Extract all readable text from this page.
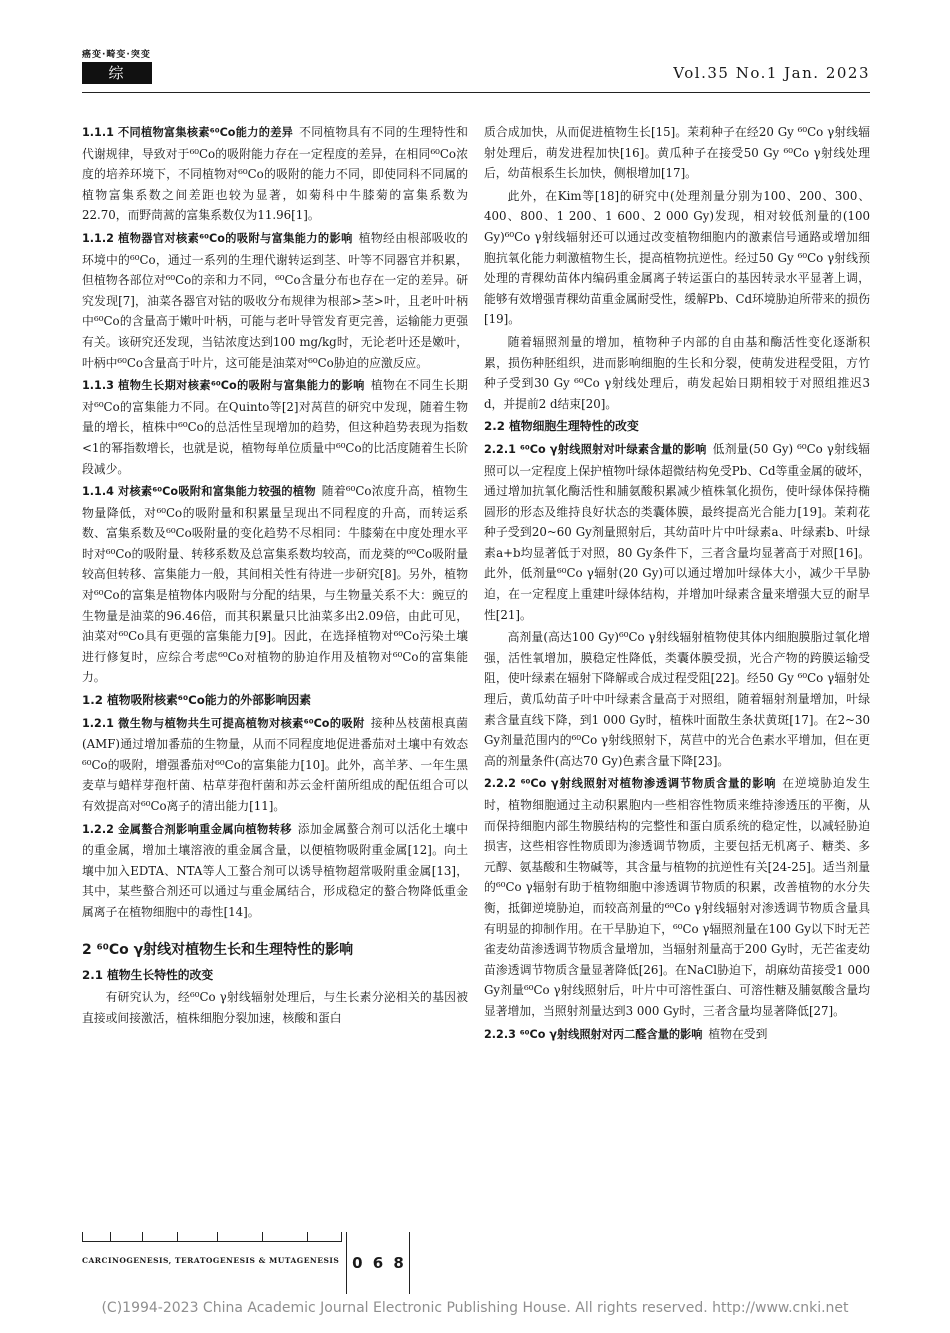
癌变·畸变·突变
综 述
Vol.35 No.1 Jan. 2023

1.1.1 不同植物富集核素⁶⁰Co能力的差异 不同植物具有不同的生理特性和代谢规律，导致对于⁶⁰Co的吸附能力存在一定程度的差异，在相同⁶⁰Co浓度的培养环境下，不同植物对⁶⁰Co的吸附的能力不同，即使同科不同属的植物富集系数之间差距也较为显著，如菊科中牛膝菊的富集系数为22.70，而野茼蒿的富集系数仅为11.96[1]。

1.1.2 植物器官对核素⁶⁰Co的吸附与富集能力的影响 植物经由根部吸收的环境中的⁶⁰Co，通过一系列的生理代谢转运到茎、叶等不同器官并积累，但植物各部位对⁶⁰Co的亲和力不同，⁶⁰Co含量分布也存在一定的差异。研究发现[7]，油菜各器官对钴的吸收分布规律为根部>茎>叶，且老叶叶柄中⁶⁰Co的含量高于嫩叶叶柄，可能与老叶导管发育更完善，运输能力更强有关。该研究还发现，当钴浓度达到100 mg/kg时，无论老叶还是嫩叶，叶柄中⁶⁰Co含量高于叶片，这可能是油菜对⁶⁰Co胁迫的应激反应。

1.1.3 植物生长期对核素⁶⁰Co的吸附与富集能力的影响 植物在不同生长期对⁶⁰Co的富集能力不同。在Quinto等[2]对莴苣的研究中发现，随着生物量的增长，植株中⁶⁰Co的总活性呈现增加的趋势，但这种趋势表现为指数<1的幂指数增长，也就是说，植物每单位质量中⁶⁰Co的比活度随着生长阶段减少。

1.1.4 对核素⁶⁰Co吸附和富集能力较强的植物 随着⁶⁰Co浓度升高，植物生物量降低，对⁶⁰Co的吸附量和积累量呈现出不同程度的升高，而转运系数、富集系数及⁶⁰Co吸附量的变化趋势不尽相同：牛膝菊在中度处理水平时对⁶⁰Co的吸附量、转移系数及总富集系数均较高，而龙葵的⁶⁰Co吸附量较高但转移、富集能力一般，其间相关性有待进一步研究[8]。另外，植物对⁶⁰Co的富集是植物体内吸附与分配的结果，与生物量关系不大：豌豆的生物量是油菜的96.46倍，而其积累量只比油菜多出2.09倍，由此可见，油菜对⁶⁰Co具有更强的富集能力[9]。因此，在选择植物对⁶⁰Co污染土壤进行修复时，应综合考虑⁶⁰Co对植物的胁迫作用及植物对⁶⁰Co的富集能力。

1.2 植物吸附核素⁶⁰Co能力的外部影响因素

1.2.1 微生物与植物共生可提高植物对核素⁶⁰Co的吸附 接种丛枝菌根真菌(AMF)通过增加番茄的生物量，从而不同程度地促进番茄对土壤中有效态⁶⁰Co的吸附，增强番茄对⁶⁰Co的富集能力[10]。此外，高羊茅、一年生黑麦草与蜡样芽孢杆菌、枯草芽孢杆菌和苏云金杆菌所组成的配伍组合可以有效提高对⁶⁰Co离子的清出能力[11]。

1.2.2 金属螯合剂影响重金属向植物转移 添加金属螯合剂可以活化土壤中的重金属，增加土壤溶液的重金属含量，以便植物吸附重金属[12]。向土壤中加入EDTA、NTA等人工螯合剂可以诱导植物超常吸附重金属[13]，其中，某些螯合剂还可以通过与重金属结合，形成稳定的螯合物降低重金属离子在植物细胞中的毒性[14]。

2 ⁶⁰Co γ射线对植物生长和生理特性的影响
2.1 植物生长特性的改变

有研究认为，经⁶⁰Co γ射线辐射处理后，与生长素分泌相关的基因被直接或间接激活，植株细胞分裂加速，核酸和蛋白

质合成加快，从而促进植物生长[15]。茉莉种子在经20 Gy ⁶⁰Co γ射线辐射处理后，萌发进程加快[16]。黄瓜种子在接受50 Gy ⁶⁰Co γ射线处理后，幼苗根系生长加快，侧根增加[17]。

此外，在Kim等[18]的研究中(处理剂量分别为100、200、300、400、800、1 200、1 600、2 000 Gy)发现，相对较低剂量的(100 Gy)⁶⁰Co γ射线辐射还可以通过改变植物细胞内的激素信号通路或增加细胞抗氧化能力刺激植物生长，提高植物抗逆性。经过50 Gy ⁶⁰Co γ射线预处理的青稞幼苗体内编码重金属离子转运蛋白的基因转录水平显著上调，能够有效增强青稞幼苗重金属耐受性，缓解Pb、Cd环境胁迫所带来的损伤[19]。

随着辐照剂量的增加，植物种子内部的自由基和酶活性变化逐渐积累，损伤种胚组织，进而影响细胞的生长和分裂，使萌发进程受阻，方竹种子受到30 Gy ⁶⁰Co γ射线处理后，萌发起始日期相较于对照组推迟3 d，并提前2 d结束[20]。

2.2 植物细胞生理特性的改变

2.2.1 ⁶⁰Co γ射线照射对叶绿素含量的影响 低剂量(50 Gy) ⁶⁰Co γ射线辐照可以一定程度上保护植物叶绿体超微结构免受Pb、Cd等重金属的破坏，通过增加抗氧化酶活性和脯氨酸积累减少植株氧化损伤，使叶绿体保持椭圆形的形态及维持良好状态的类囊体膜，最终提高光合能力[19]。茉莉花种子受到20~60 Gy剂量照射后，其幼苗叶片中叶绿素a、叶绿素b、叶绿素a+b均显著低于对照，80 Gy条件下，三者含量均显著高于对照[16]。此外，低剂量⁶⁰Co γ辐射(20 Gy)可以通过增加叶绿体大小，减少干旱胁迫，在一定程度上重建叶绿体结构，并增加叶绿素含量来增强大豆的耐旱性[21]。

高剂量(高达100 Gy)⁶⁰Co γ射线辐射植物使其体内细胞膜脂过氧化增强，活性氧增加，膜稳定性降低，类囊体膜受损，光合产物的跨膜运输受阻，使叶绿素在辐射下降解或合成过程受阻[22]。经50 Gy ⁶⁰Co γ辐射处理后，黄瓜幼苗子叶中叶绿素含量高于对照组，随着辐射剂量增加，叶绿素含量直线下降，到1 000 Gy时，植株叶面散生条状黄斑[17]。在2~30 Gy剂量范围内的⁶⁰Co γ射线照射下，莴苣中的光合色素水平增加，但在更高的剂量条件(高达70 Gy)色素含量下降[23]。

2.2.2 ⁶⁰Co γ射线照射对植物渗透调节物质含量的影响 在逆境胁迫发生时，植物细胞通过主动积累胞内一些相容性物质来维持渗透压的平衡，从而保持细胞内部生物膜结构的完整性和蛋白质系统的稳定性，以减轻胁迫损害，这些相容性物质即为渗透调节物质，主要包括无机离子、糖类、多元醇、氨基酸和生物碱等，其含量与植物的抗逆性有关[24-25]。适当剂量的⁶⁰Co γ辐射有助于植物细胞中渗透调节物质的积累，改善植物的水分失衡，抵御逆境胁迫，而较高剂量的⁶⁰Co γ射线辐射对渗透调节物质含量具有明显的抑制作用。在干旱胁迫下，⁶⁰Co γ辐照剂量在100 Gy以下时无芒雀麦幼苗渗透调节物质含量增加，当辐射剂量高于200 Gy时，无芒雀麦幼苗渗透调节物质含量显著降低[26]。在NaCl胁迫下，胡麻幼苗接受1 000 Gy剂量⁶⁰Co γ射线照射后，叶片中可溶性蛋白、可溶性糖及脯氨酸含量均显著增加，当照射剂量达到3 000 Gy时，三者含量均显著降低[27]。

2.2.3 ⁶⁰Co γ射线照射对丙二醛含量的影响 植物在受到

CARCINOGENESIS, TERATOGENESIS & MUTAGENESIS 0 6 8
(C)1994-2023 China Academic Journal Electronic Publishing House. All rights reserved. http://www.cnki.net
